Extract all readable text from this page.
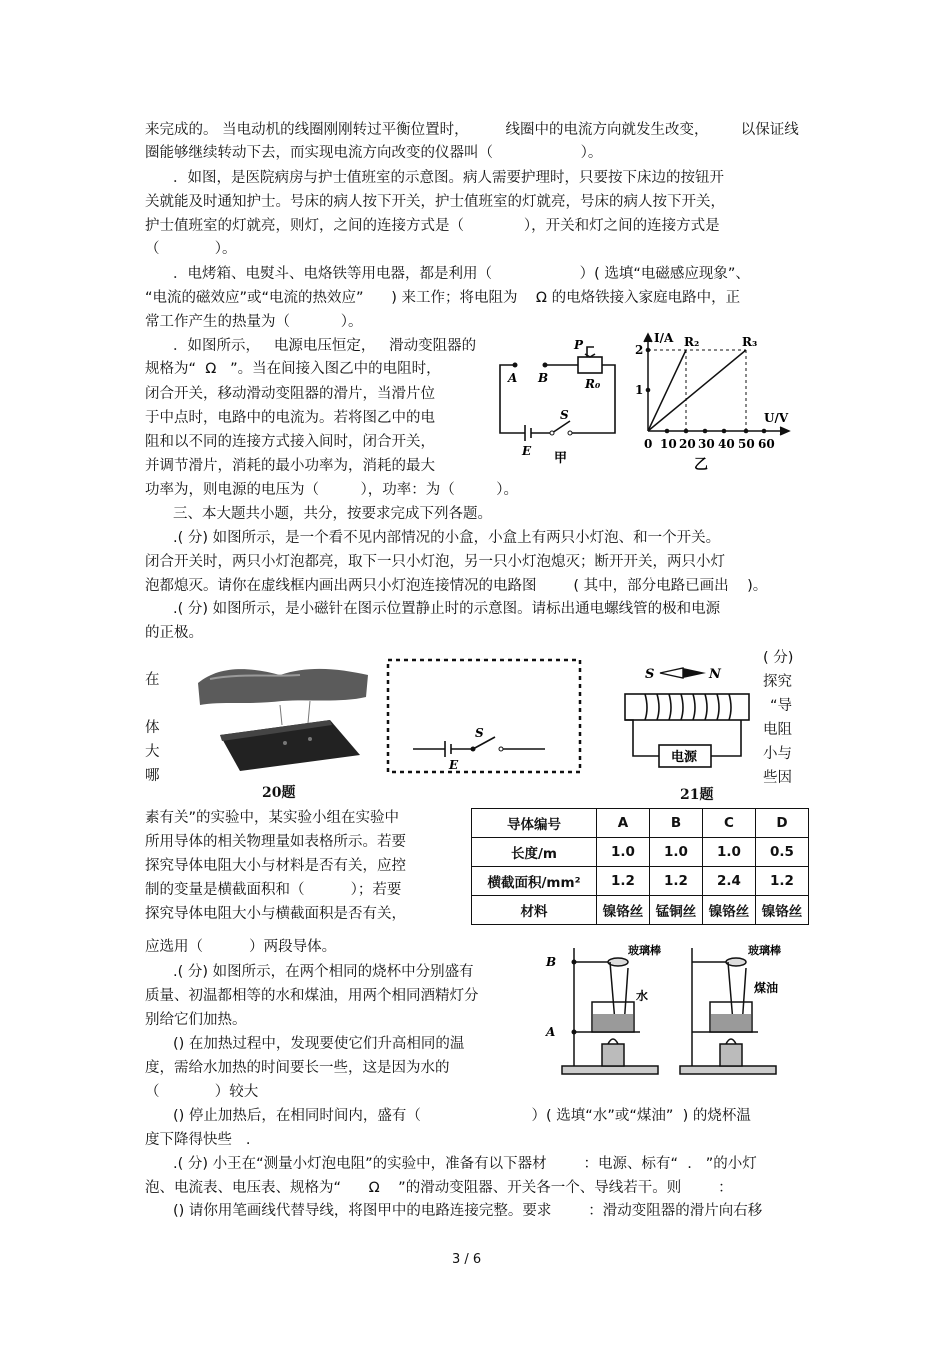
来完成的。 当电动机的线圈刚刚转过平衡位置时，        线圈中的电流方向就发生改变，       以保证线
圈能够继续转动下去，而实现电流方向改变的仪器叫（                   ）。
．如图，是医院病房与护士值班室的示意图。病人需要护理时，只要按下床边的按钮开
关就能及时通知护士。号床的病人按下开关，护士值班室的灯就亮，号床的病人按下开关，
护士值班室的灯就亮，则灯，之间的连接方式是（             ），开关和灯之间的连接方式是
（            ）。
．电烤箱、电熨斗、电烙铁等用电器，都是利用（                   ）( 选填“电磁感应现象”、
“电流的磁效应”或“电流的热效应”      ) 来工作；将电阻为    Ω 的电烙铁接入家庭电路中，正
常工作产生的热量为（           ）。
．如图所示，   电源电压恒定，   滑动变阻器的
规格为“  Ω   ”。当在间接入图乙中的电阻时，
闭合开关，移动滑动变阻器的滑片，当滑片位
于中点时，电路中的电流为。若将图乙中的电
阻和以不同的连接方式接入间时，闭合开关，
并调节滑片，消耗的最小功率为，消耗的最大
功率为，则电源的电压为（         ），功率：为（         ）。
三、本大题共小题，共分，按要求完成下列各题。
.( 分) 如图所示，是一个看不见内部情况的小盒，小盒上有两只小灯泡、和一个开关。
闭合开关时，两只小灯泡都亮，取下一只小灯泡，另一只小灯泡熄灭；断开开关，两只小灯
泡都熄灭。请你在虚线框内画出两只小灯泡连接情况的电路图        ( 其中，部分电路已画出    )。
.( 分) 如图所示，是小磁针在图示位置静止时的示意图。请标出通电螺线管的极和电源
的正极。
在
体
大
哪
( 分)
探究
“导
电阻
小与
些因
素有关”的实验中，某实验小组在实验中
所用导体的相关物理量如表格所示。若要
探究导体电阻大小与材料是否有关，应控
制的变量是横截面积和（          ）；若要
探究导体电阻大小与横截面积是否有关，
应选用（          ）两段导体。
.( 分) 如图所示，在两个相同的烧杯中分别盛有
质量、初温都相等的水和煤油，用两个相同酒精灯分
别给它们加热。
() 在加热过程中，发现要使它们升高相同的温
度，需给水加热的时间要长一些，这是因为水的
（            ）较大
() 停止加热后，在相同时间内，盛有（                        ）( 选填“水”或“煤油”  ) 的烧杯温
度下降得快些   .
.( 分) 小王在“测量小灯泡电阻”的实验中，准备有以下器材        ：电源、标有“  .   ”的小灯
泡、电流表、电压表、规格为“      Ω    ”的滑动变阻器、开关各一个、导线若干。则        ：
() 请你用笔画线代替导线，将图甲中的电路连接完整。要求        ：滑动变阻器的滑片向右移
A B
P
R₀
S
E 甲
I/A
U/V
1
2
0 10 20 30 40 50 60
R₂	R₃
乙
S
E
20题
S	N
电源
21题
导体编号	A	B	C	D
长度/m	1.0	1.0	1.0	0.5
横截面积/mm²	1.2	1.2	2.4	1.2
材料	镍铬丝	锰铜丝	镍铬丝	镍铬丝
B
A
玻璃棒
水
玻璃棒
煤油
3 / 6
